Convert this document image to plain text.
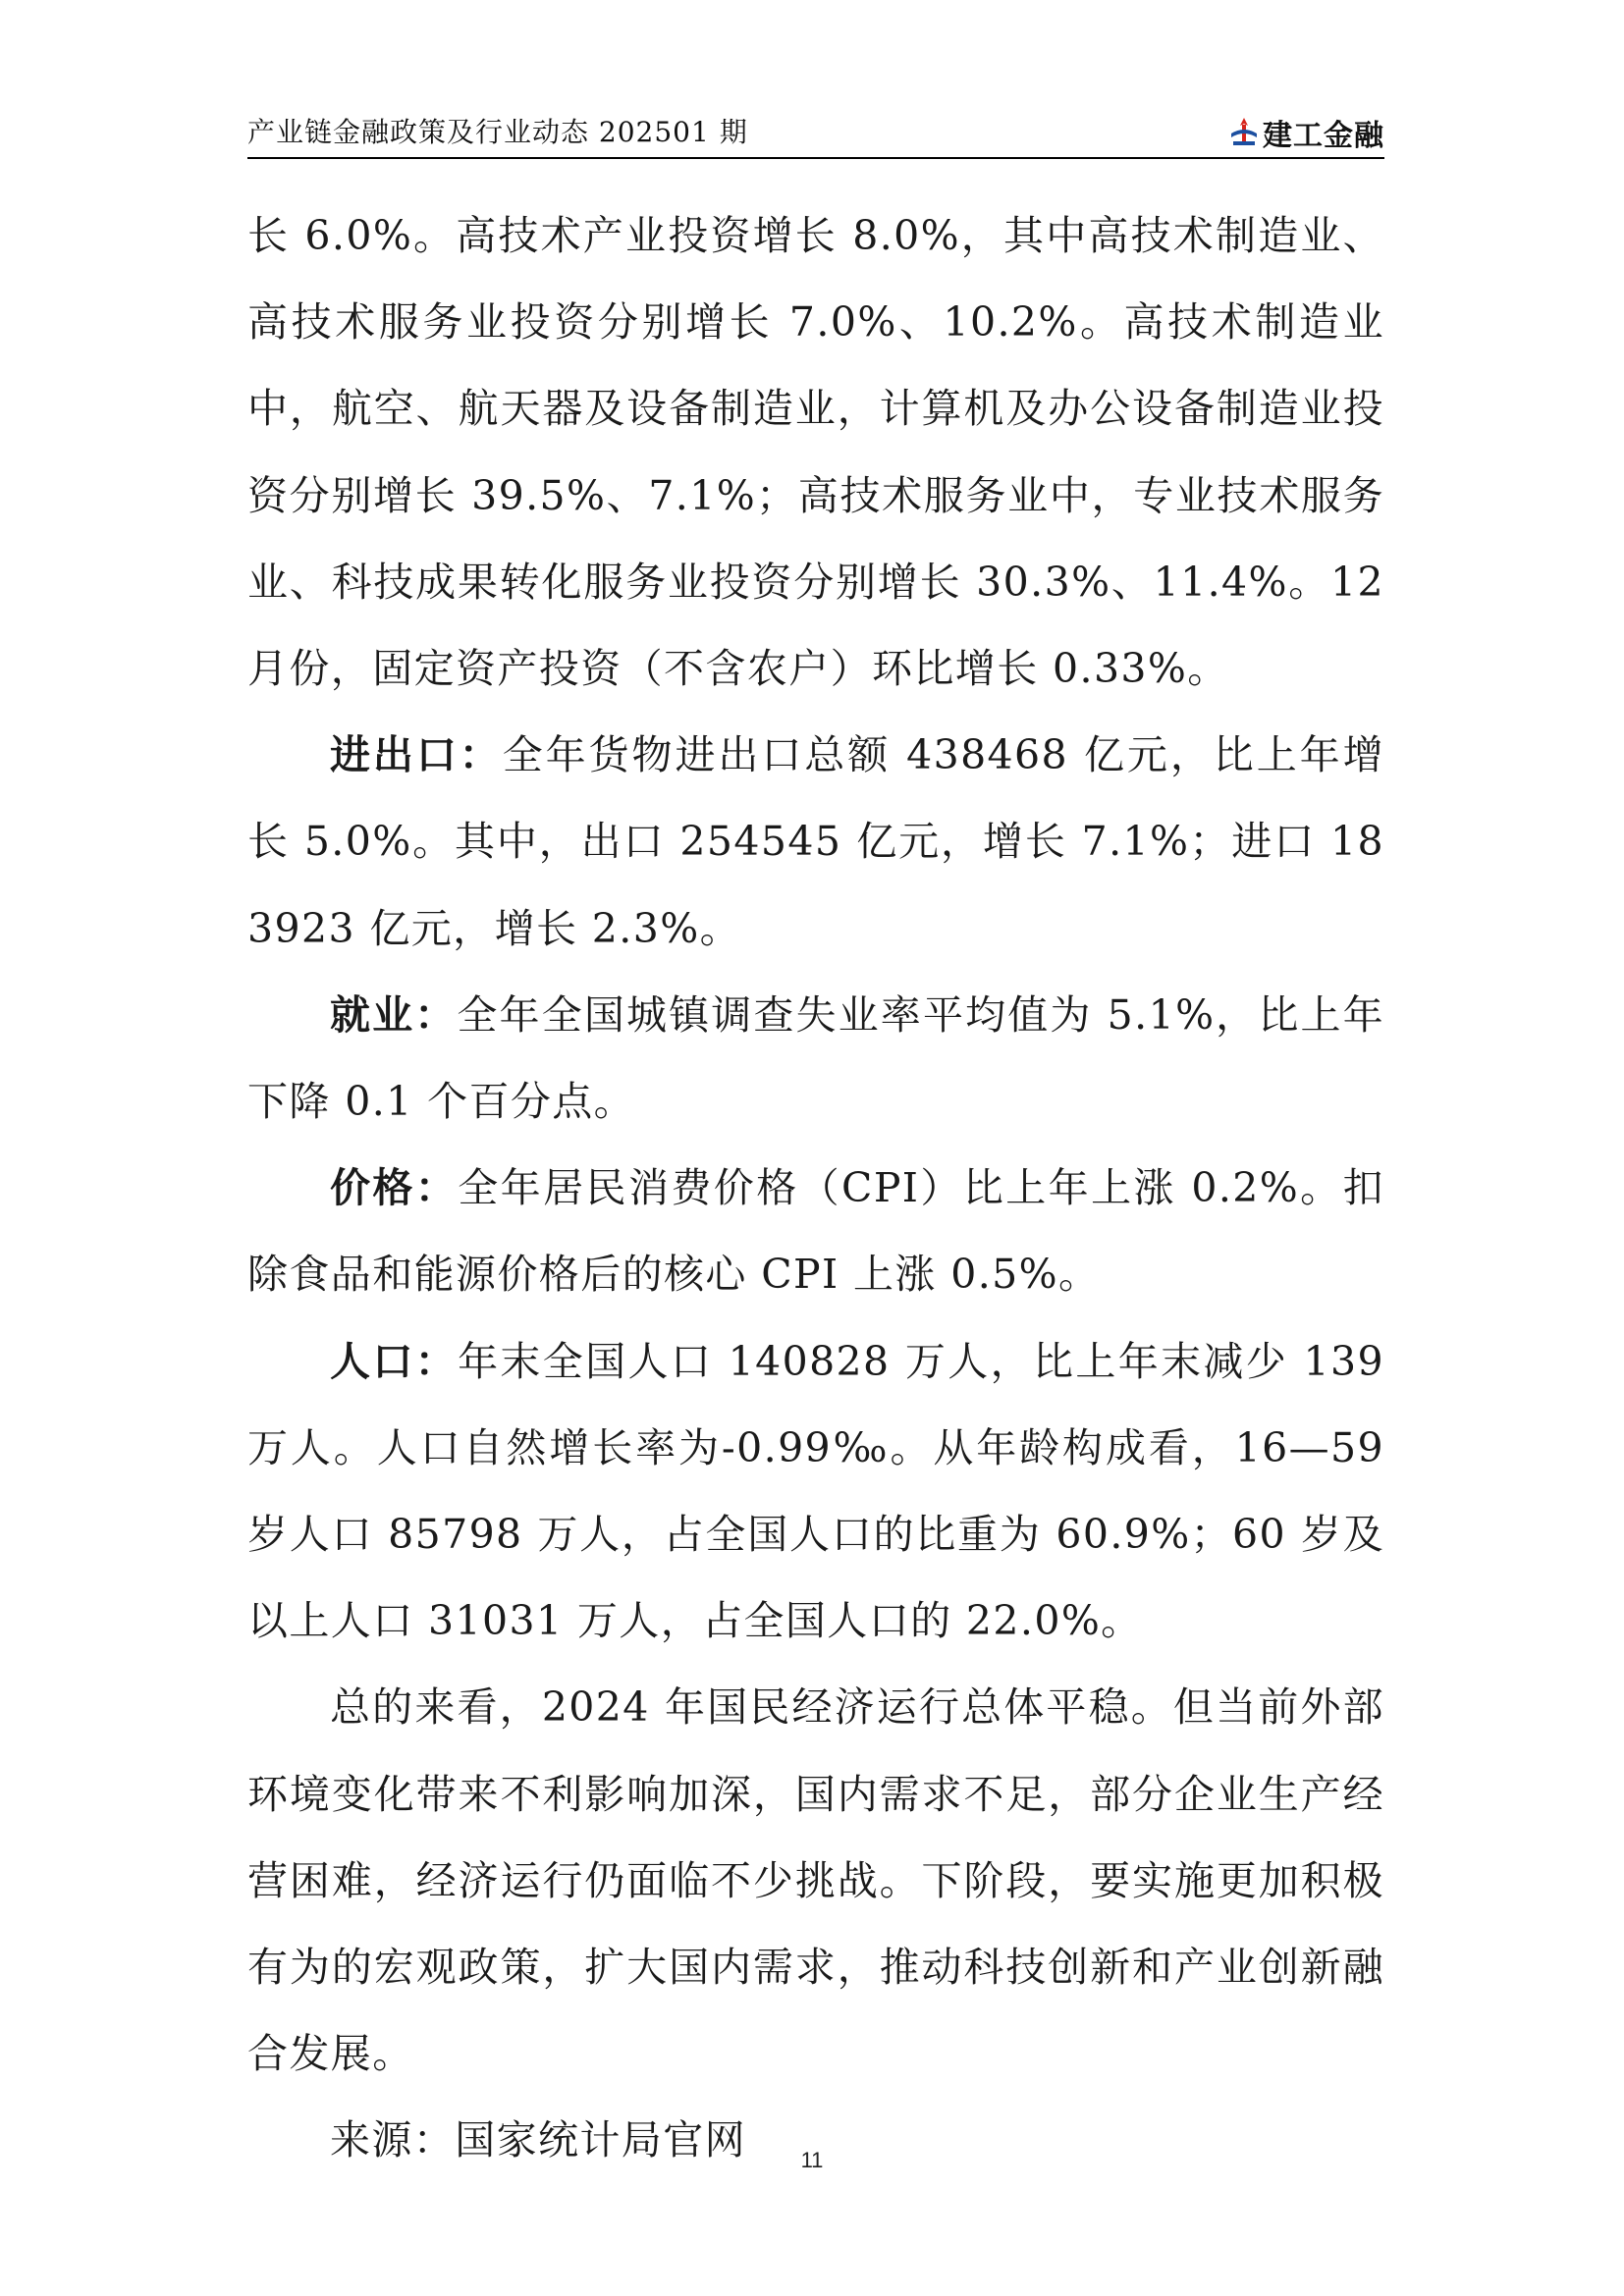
产业链金融政策及行业动态 202501 期	建工金融

长 6.0%。高技术产业投资增长 8.0%，其中高技术制造业、高技术服务业投资分别增长 7.0%、10.2%。高技术制造业中，航空、航天器及设备制造业，计算机及办公设备制造业投资分别增长 39.5%、7.1%；高技术服务业中，专业技术服务业、科技成果转化服务业投资分别增长 30.3%、11.4%。12 月份，固定资产投资（不含农户）环比增长 0.33%。

进出口：全年货物进出口总额 438468 亿元，比上年增长 5.0%。其中，出口 254545 亿元，增长 7.1%；进口 183923 亿元，增长 2.3%。

就业：全年全国城镇调查失业率平均值为 5.1%，比上年下降 0.1 个百分点。

价格：全年居民消费价格（CPI）比上年上涨 0.2%。扣除食品和能源价格后的核心 CPI 上涨 0.5%。

人口：年末全国人口 140828 万人，比上年末减少 139 万人。人口自然增长率为-0.99‰。从年龄构成看，16—59 岁人口 85798 万人，占全国人口的比重为 60.9%；60 岁及以上人口 31031 万人，占全国人口的 22.0%。

总的来看，2024 年国民经济运行总体平稳。但当前外部环境变化带来不利影响加深，国内需求不足，部分企业生产经营困难，经济运行仍面临不少挑战。下阶段，要实施更加积极有为的宏观政策，扩大国内需求，推动科技创新和产业创新融合发展。

来源：国家统计局官网	11
